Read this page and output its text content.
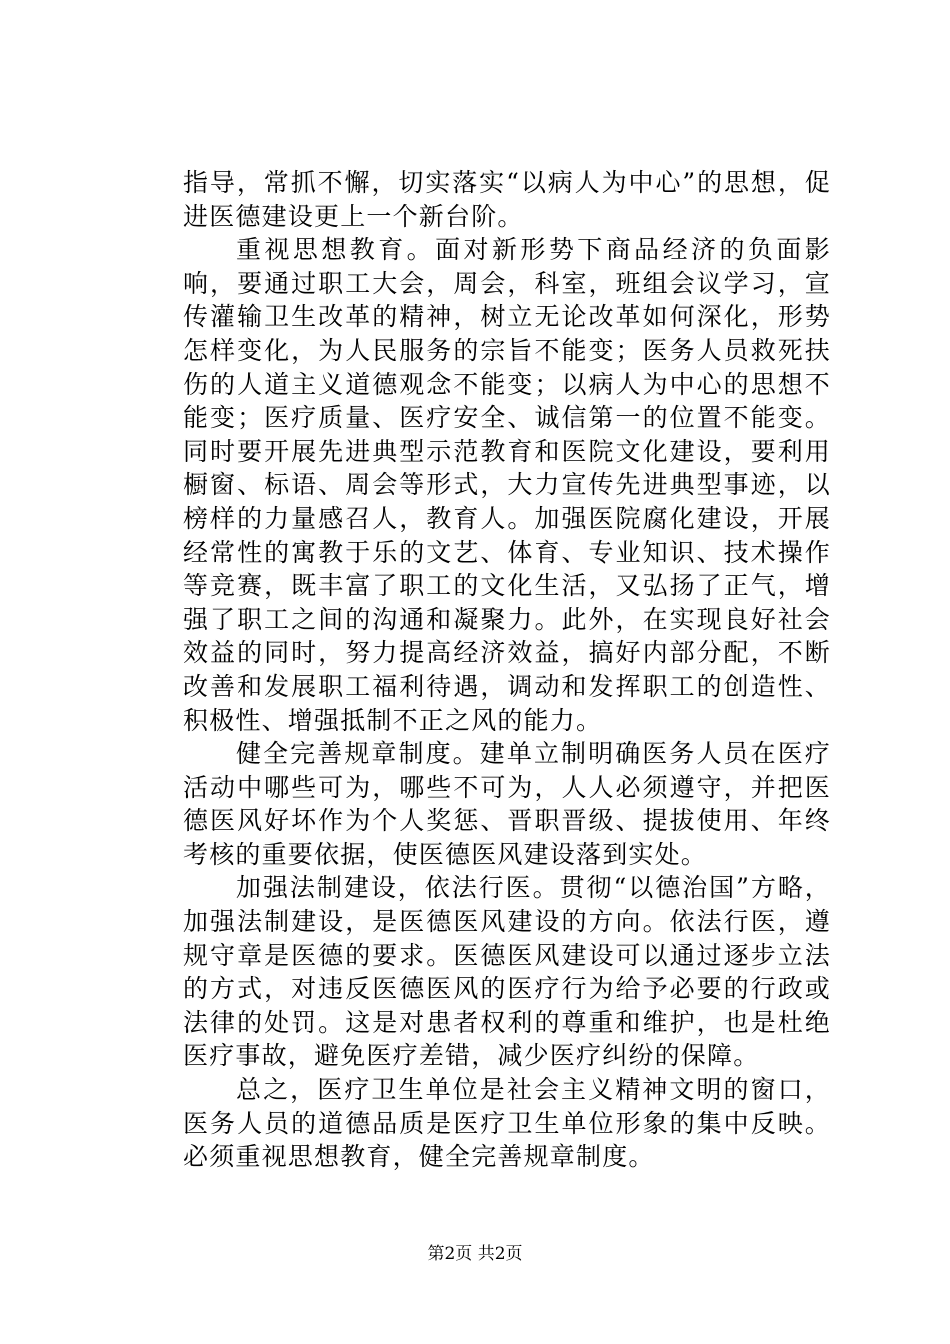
指导，常抓不懈，切实落实“以病人为中心”的思想，促进医德建设更上一个新台阶。

重视思想教育。面对新形势下商品经济的负面影响，要通过职工大会，周会，科室，班组会议学习，宣传灌输卫生改革的精神，树立无论改革如何深化，形势怎样变化，为人民服务的宗旨不能变；医务人员救死扶伤的人道主义道德观念不能变；以病人为中心的思想不能变；医疗质量、医疗安全、诚信第一的位置不能变。同时要开展先进典型示范教育和医院文化建设，要利用橱窗、标语、周会等形式，大力宣传先进典型事迹，以榜样的力量感召人，教育人。加强医院腐化建设，开展经常性的寓教于乐的文艺、体育、专业知识、技术操作等竞赛，既丰富了职工的文化生活，又弘扬了正气，增强了职工之间的沟通和凝聚力。此外，在实现良好社会效益的同时，努力提高经济效益，搞好内部分配，不断改善和发展职工福利待遇，调动和发挥职工的创造性、积极性、增强抵制不正之风的能力。

健全完善规章制度。建单立制明确医务人员在医疗活动中哪些可为，哪些不可为，人人必须遵守，并把医德医风好坏作为个人奖惩、晋职晋级、提拔使用、年终考核的重要依据，使医德医风建设落到实处。

加强法制建设，依法行医。贯彻“以德治国”方略，加强法制建设，是医德医风建设的方向。依法行医，遵规守章是医德的要求。医德医风建设可以通过逐步立法的方式，对违反医德医风的医疗行为给予必要的行政或法律的处罚。这是对患者权利的尊重和维护，也是杜绝医疗事故，避免医疗差错，减少医疗纠纷的保障。

总之，医疗卫生单位是社会主义精神文明的窗口，医务人员的道德品质是医疗卫生单位形象的集中反映。必须重视思想教育，健全完善规章制度。

第2页 共2页
